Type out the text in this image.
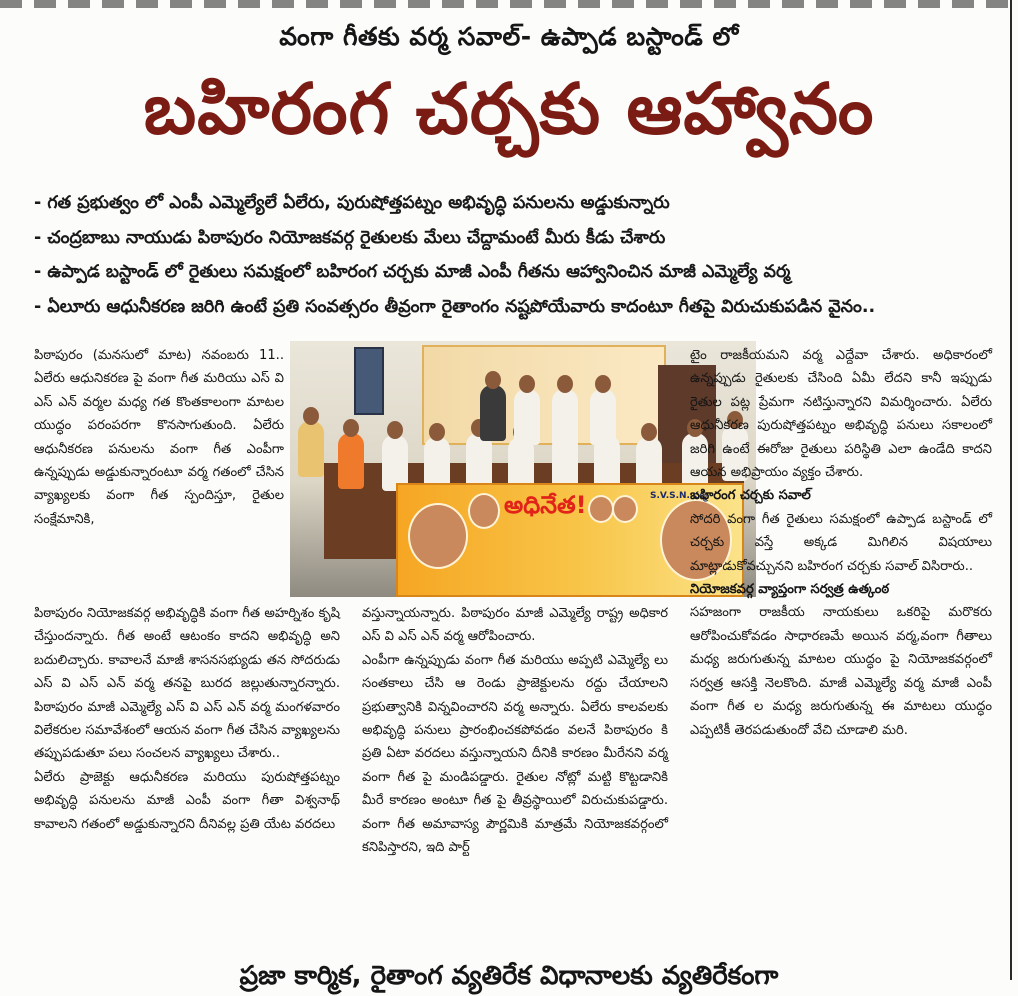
వంగా గీతకు వర్మ సవాల్- ఉప్పాడ బస్టాండ్ లో
బహిరంగ చర్చకు ఆహ్వానం
- గత ప్రభుత్వం లో ఎంపీ ఎమ్మెల్యేలే ఏలేరు, పురుషోత్తపట్నం అభివృద్ధి పనులను అడ్డుకున్నారు
- చంద్రబాబు నాయుడు పిఠాపురం నియోజకవర్గ రైతులకు మేలు చేద్దామంటే మీరు కీడు చేశారు
- ఉప్పాడ బస్టాండ్ లో రైతులు సమక్షంలో బహిరంగ చర్చకు మాజీ ఎంపీ గీతను ఆహ్వానించిన మాజీ ఎమ్మెల్యే వర్మ
- ఏలూరు ఆధునీకరణ జరిగి ఉంటే ప్రతి సంవత్సరం తీవ్రంగా రైతాంగం నష్టపోయేవారు కాదంటూ గీతపై విరుచుకుపడిన వైనం..

పిఠాపురం (మనసులో మాట) నవంబరు 11.. ఏలేరు ఆధునికరణ పై వంగా గీత మరియు ఎస్ వి ఎస్ ఎన్ వర్మల మధ్య గత కొంతకాలంగా మాటల యుద్ధం పరంపరగా కొనసాగుతుంది. ఏలేరు ఆధునీకరణ పనులను వంగా గీత ఎంపీగా ఉన్నప్పుడు అడ్డుకున్నారంటూ వర్మ గతంలో చేసిన వ్యాఖ్యలకు వంగా గీత స్పందిస్తూ, రైతుల సంక్షేమానికి,

అధినేత!	S.V.S.N. వర్మ

పిఠాపురం నియోజకవర్గ అభివృద్ధికి వంగా గీత అహర్నిశం కృషి చేస్తుందన్నారు. గీత అంటే ఆటంకం కాదని అభివృద్ధి అని బదులిచ్చారు. కావాలనే మాజీ శాసనసభ్యుడు తన సోదరుడు ఎస్ వి ఎస్ ఎన్ వర్మ తనపై బురద జల్లుతున్నారన్నారు. పిఠాపురం మాజీ ఎమ్మెల్యే ఎస్ వి ఎస్ ఎన్ వర్మ మంగళవారం విలేకరుల సమావేశంలో ఆయన వంగా గీత చేసిన వ్యాఖ్యలను తప్పుపడుతూ పలు సంచలన వ్యాఖ్యలు చేశారు..

ఏలేరు ప్రాజెక్టు ఆధునీకరణ మరియు పురుషోత్తపట్నం అభివృద్ధి పనులను మాజీ ఎంపీ వంగా గీతా విశ్వనాథ్ కావాలని గతంలో అడ్డుకున్నారని దీనివల్ల ప్రతి యేట వరదలు

వస్తున్నాయన్నారు. పిఠాపురం మాజీ ఎమ్మెల్యే రాష్ట్ర అధికార ఎస్ వి ఎస్ ఎన్ వర్మ ఆరోపించారు.

ఎంపీగా ఉన్నప్పుడు వంగా గీత మరియు అప్పటి ఎమ్మెల్యే లు సంతకాలు చేసి ఆ రెండు ప్రాజెక్టులను రద్దు చేయాలని ప్రభుత్వానికి విన్నవించారని వర్మ అన్నారు. ఏలేరు కాలవలకు అభివృద్ధి పనులు ప్రారంభించకపోవడం వలనే పిఠాపురం కి ప్రతి ఏటా వరదలు వస్తున్నాయని దీనికి కారణం మీరేనని వర్మ వంగా గీత పై మండిపడ్డారు. రైతుల నోట్లో మట్టి కొట్టడానికి మీరే కారణం అంటూ గీత పై తీవ్రస్థాయిలో విరుచుకుపడ్డారు. వంగా గీత అమావాస్య పౌర్ణమికి మాత్రమే నియోజకవర్గంలో కనిపిస్తారని, ఇది పార్ట్

టైం రాజకీయమని వర్మ ఎద్దేవా చేశారు. అధికారంలో ఉన్నప్పుడు రైతులకు చేసింది ఏమీ లేదని కానీ ఇప్పుడు రైతుల పట్ల ప్రేమగా నటిస్తున్నారని విమర్శించారు. ఏలేరు ఆధునీకరణ పురుషోత్తపట్నం అభివృద్ధి పనులు సకాలంలో జరిగి ఉంటే ఈరోజు రైతులు పరిస్థితి ఎలా ఉండేది కాదని ఆయన అభిప్రాయం వ్యక్తం చేశారు.

బహిరంగ చర్చకు సవాల్

సోదరి వంగా గీత రైతులు సమక్షంలో ఉప్పాడ బస్టాండ్ లో చర్చకు వస్తే అక్కడ మిగిలిన విషయాలు మాట్లాడుకోవచ్చునని బహిరంగ చర్చకు సవాల్ విసిరారు..

నియోజకవర్గ వ్యాప్తంగా సర్వత్ర ఉత్కంఠ

సహజంగా రాజకీయ నాయకులు ఒకరిపై మరొకరు ఆరోపించుకోవడం సాధారణమే అయిన వర్మ,వంగా గీతాలు మధ్య జరుగుతున్న మాటల యుద్ధం పై నియోజకవర్గంలో సర్వత్ర ఆసక్తి నెలకొంది. మాజీ ఎమ్మెల్యే వర్మ మాజీ ఎంపీ వంగా గీత ల మధ్య జరుగుతున్న ఈ మాటలు యుద్ధం ఎప్పటికీ తెరపడుతుందో వేచి చూడాలి మరి.

ప్రజా కార్మిక, రైతాంగ వ్యతిరేక విధానాలకు వ్యతిరేకంగా
